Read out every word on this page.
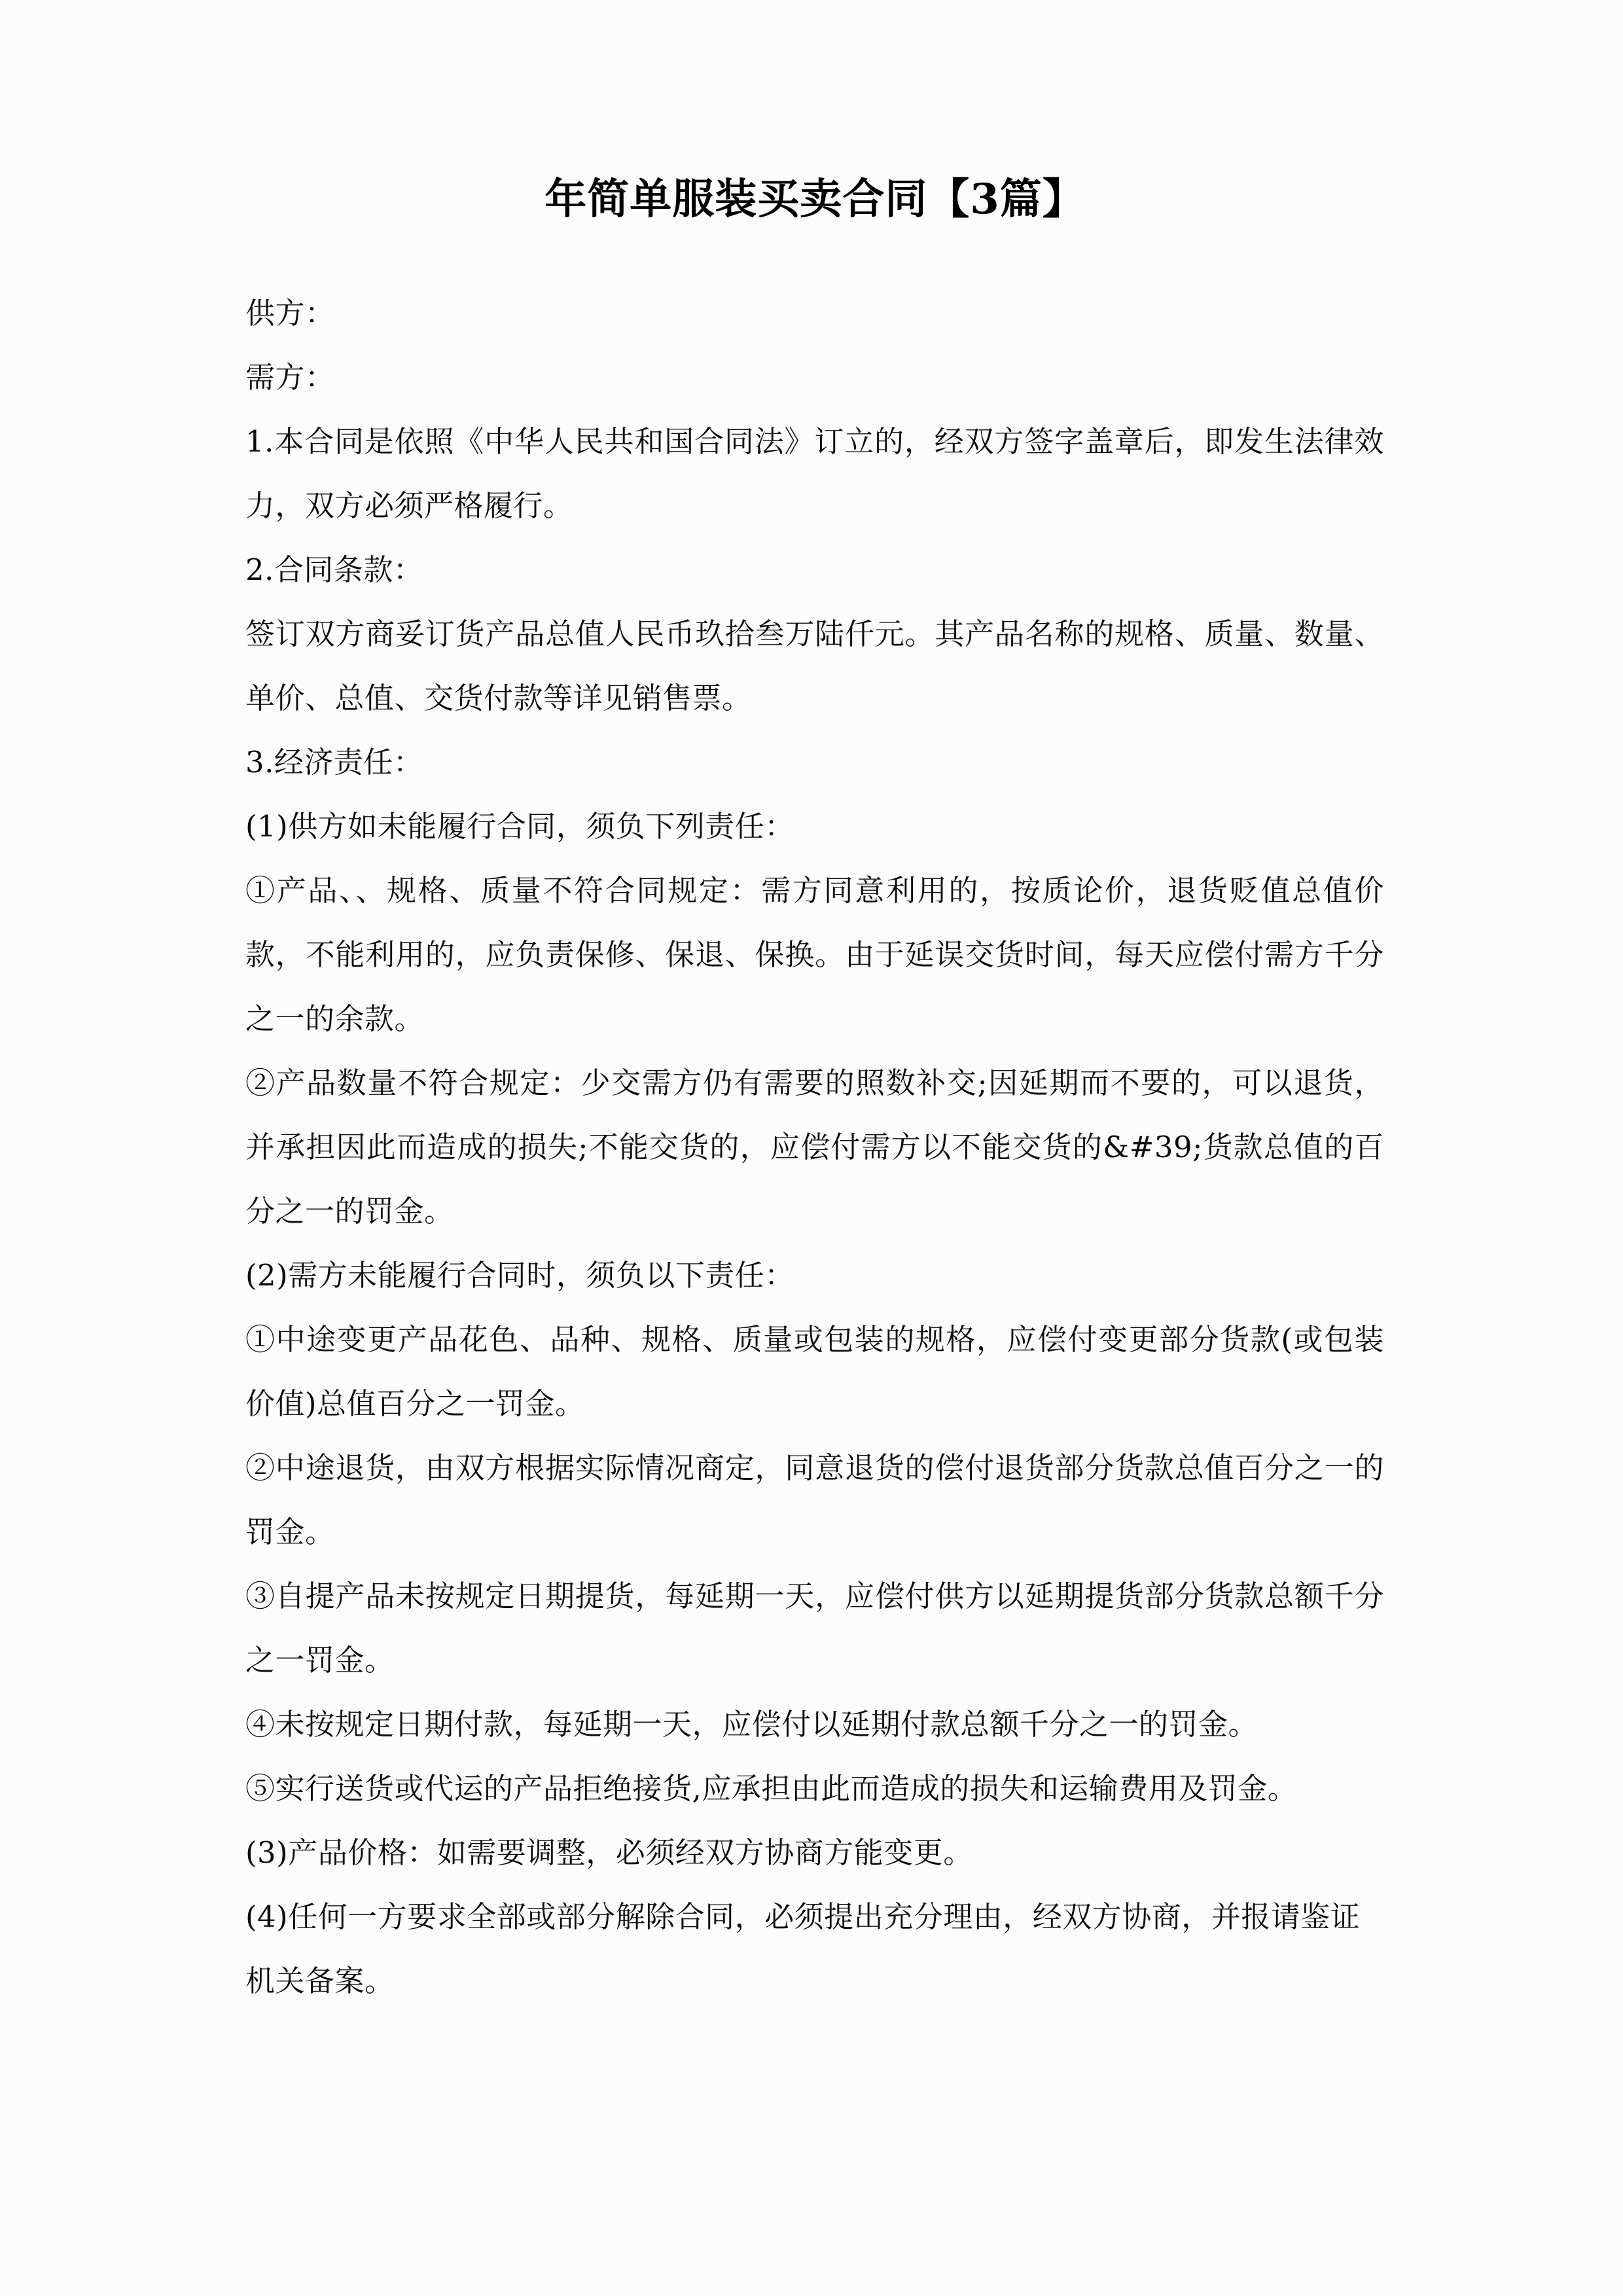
年简单服装买卖合同【3篇】

供方：

需方：

1.本合同是依照《中华人民共和国合同法》订立的，经双方签字盖章后，即发生法律效力，双方必须严格履行。

2.合同条款：

签订双方商妥订货产品总值人民币玖拾叁万陆仟元。其产品名称的规格、质量、数量、单价、总值、交货付款等详见销售票。

3.经济责任：

(1)供方如未能履行合同，须负下列责任：

①产品、、规格、质量不符合同规定：需方同意利用的，按质论价，退货贬值总值价款，不能利用的，应负责保修、保退、保换。由于延误交货时间，每天应偿付需方千分之一的余款。

②产品数量不符合规定：少交需方仍有需要的照数补交;因延期而不要的，可以退货，并承担因此而造成的损失;不能交货的，应偿付需方以不能交货的&#39;货款总值的百分之一的罚金。

(2)需方未能履行合同时，须负以下责任：

①中途变更产品花色、品种、规格、质量或包装的规格，应偿付变更部分货款(或包装价值)总值百分之一罚金。

②中途退货，由双方根据实际情况商定，同意退货的偿付退货部分货款总值百分之一的罚金。

③自提产品未按规定日期提货，每延期一天，应偿付供方以延期提货部分货款总额千分之一罚金。

④未按规定日期付款，每延期一天，应偿付以延期付款总额千分之一的罚金。

⑤实行送货或代运的产品拒绝接货,应承担由此而造成的损失和运输费用及罚金。

(3)产品价格：如需要调整，必须经双方协商方能变更。

(4)任何一方要求全部或部分解除合同，必须提出充分理由，经双方协商，并报请鉴证机关备案。
